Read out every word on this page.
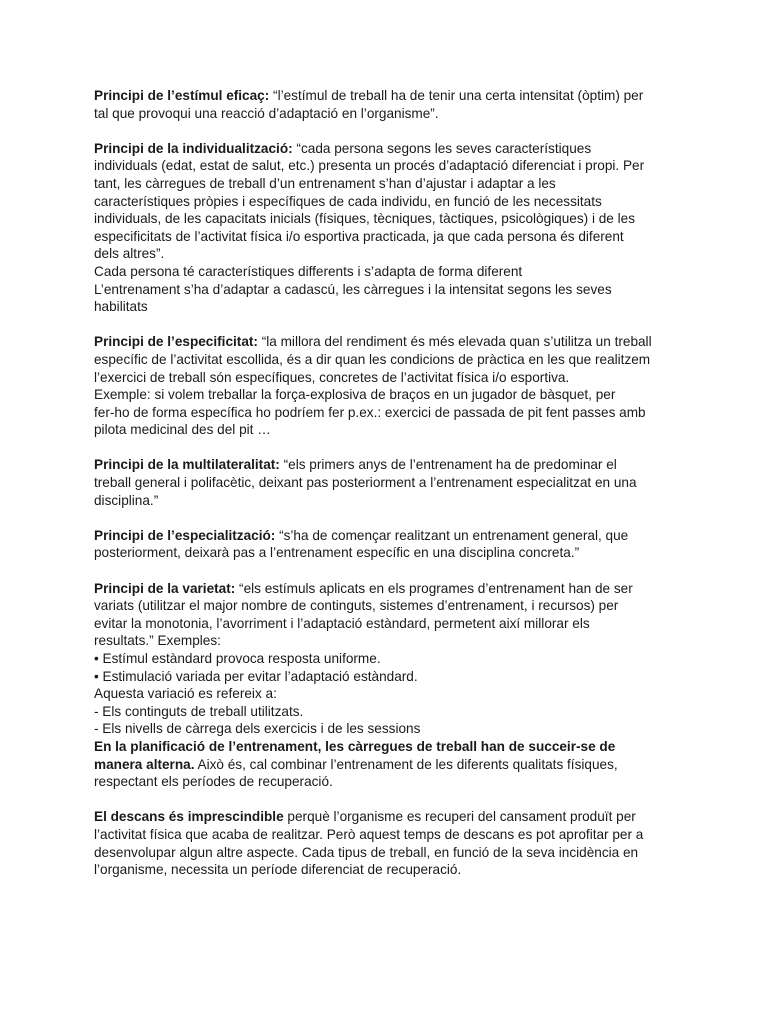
Principi de l’estímul eficaç: “l’estímul de treball ha de tenir una certa intensitat (òptim) per
tal que provoqui una reacció d’adaptació en l’organisme”.
Principi de la individualització: “cada persona segons les seves característiques
individuals (edat, estat de salut, etc.) presenta un procés d’adaptació diferenciat i propi. Per
tant, les càrregues de treball d’un entrenament s’han d’ajustar i adaptar a les
característiques pròpies i específiques de cada individu, en funció de les necessitats
individuals, de les capacitats inicials (físiques, tècniques, tàctiques, psicològiques) i de les
especificitats de l’activitat física i/o esportiva practicada, ja que cada persona és diferent
dels altres”.
Cada persona té característiques differents i s’adapta de forma diferent
L’entrenament s’ha d’adaptar a cadascú, les càrregues i la intensitat segons les seves
habilitats
Principi de l’especificitat: “la millora del rendiment és més elevada quan s’utilitza un treball
específic de l’activitat escollida, és a dir quan les condicions de pràctica en les que realitzem
l’exercici de treball són específiques, concretes de l’activitat física i/o esportiva.
Exemple: si volem treballar la força-explosiva de braços en un jugador de bàsquet, per
fer-ho de forma específica ho podríem fer p.ex.: exercici de passada de pit fent passes amb
pilota medicinal des del pit …
Principi de la multilateralitat: “els primers anys de l’entrenament ha de predominar el
treball general i polifacètic, deixant pas posteriorment a l’entrenament especialitzat en una
disciplina.”
Principi de l’especialització: “s’ha de començar realitzant un entrenament general, que
posteriorment, deixarà pas a l’entrenament específic en una disciplina concreta.”
Principi de la varietat: “els estímuls aplicats en els programes d’entrenament han de ser
variats (utilitzar el major nombre de continguts, sistemes d’entrenament, i recursos) per
evitar la monotonia, l’avorriment i l’adaptació estàndard, permetent així millorar els
resultats.” Exemples:
• Estímul estàndard provoca resposta uniforme.
• Estimulació variada per evitar l’adaptació estàndard.
Aquesta variació es refereix a:
- Els continguts de treball utilitzats.
- Els nivells de càrrega dels exercicis i de les sessions
En la planificació de l’entrenament, les càrregues de treball han de succeir-se de
manera alterna. Això és, cal combinar l’entrenament de les diferents qualitats físiques,
respectant els períodes de recuperació.
El descans és imprescindible perquè l’organisme es recuperi del cansament produït per
l’activitat física que acaba de realitzar. Però aquest temps de descans es pot aprofitar per a
desenvolupar algun altre aspecte. Cada tipus de treball, en funció de la seva incidència en
l’organisme, necessita un període diferenciat de recuperació.
